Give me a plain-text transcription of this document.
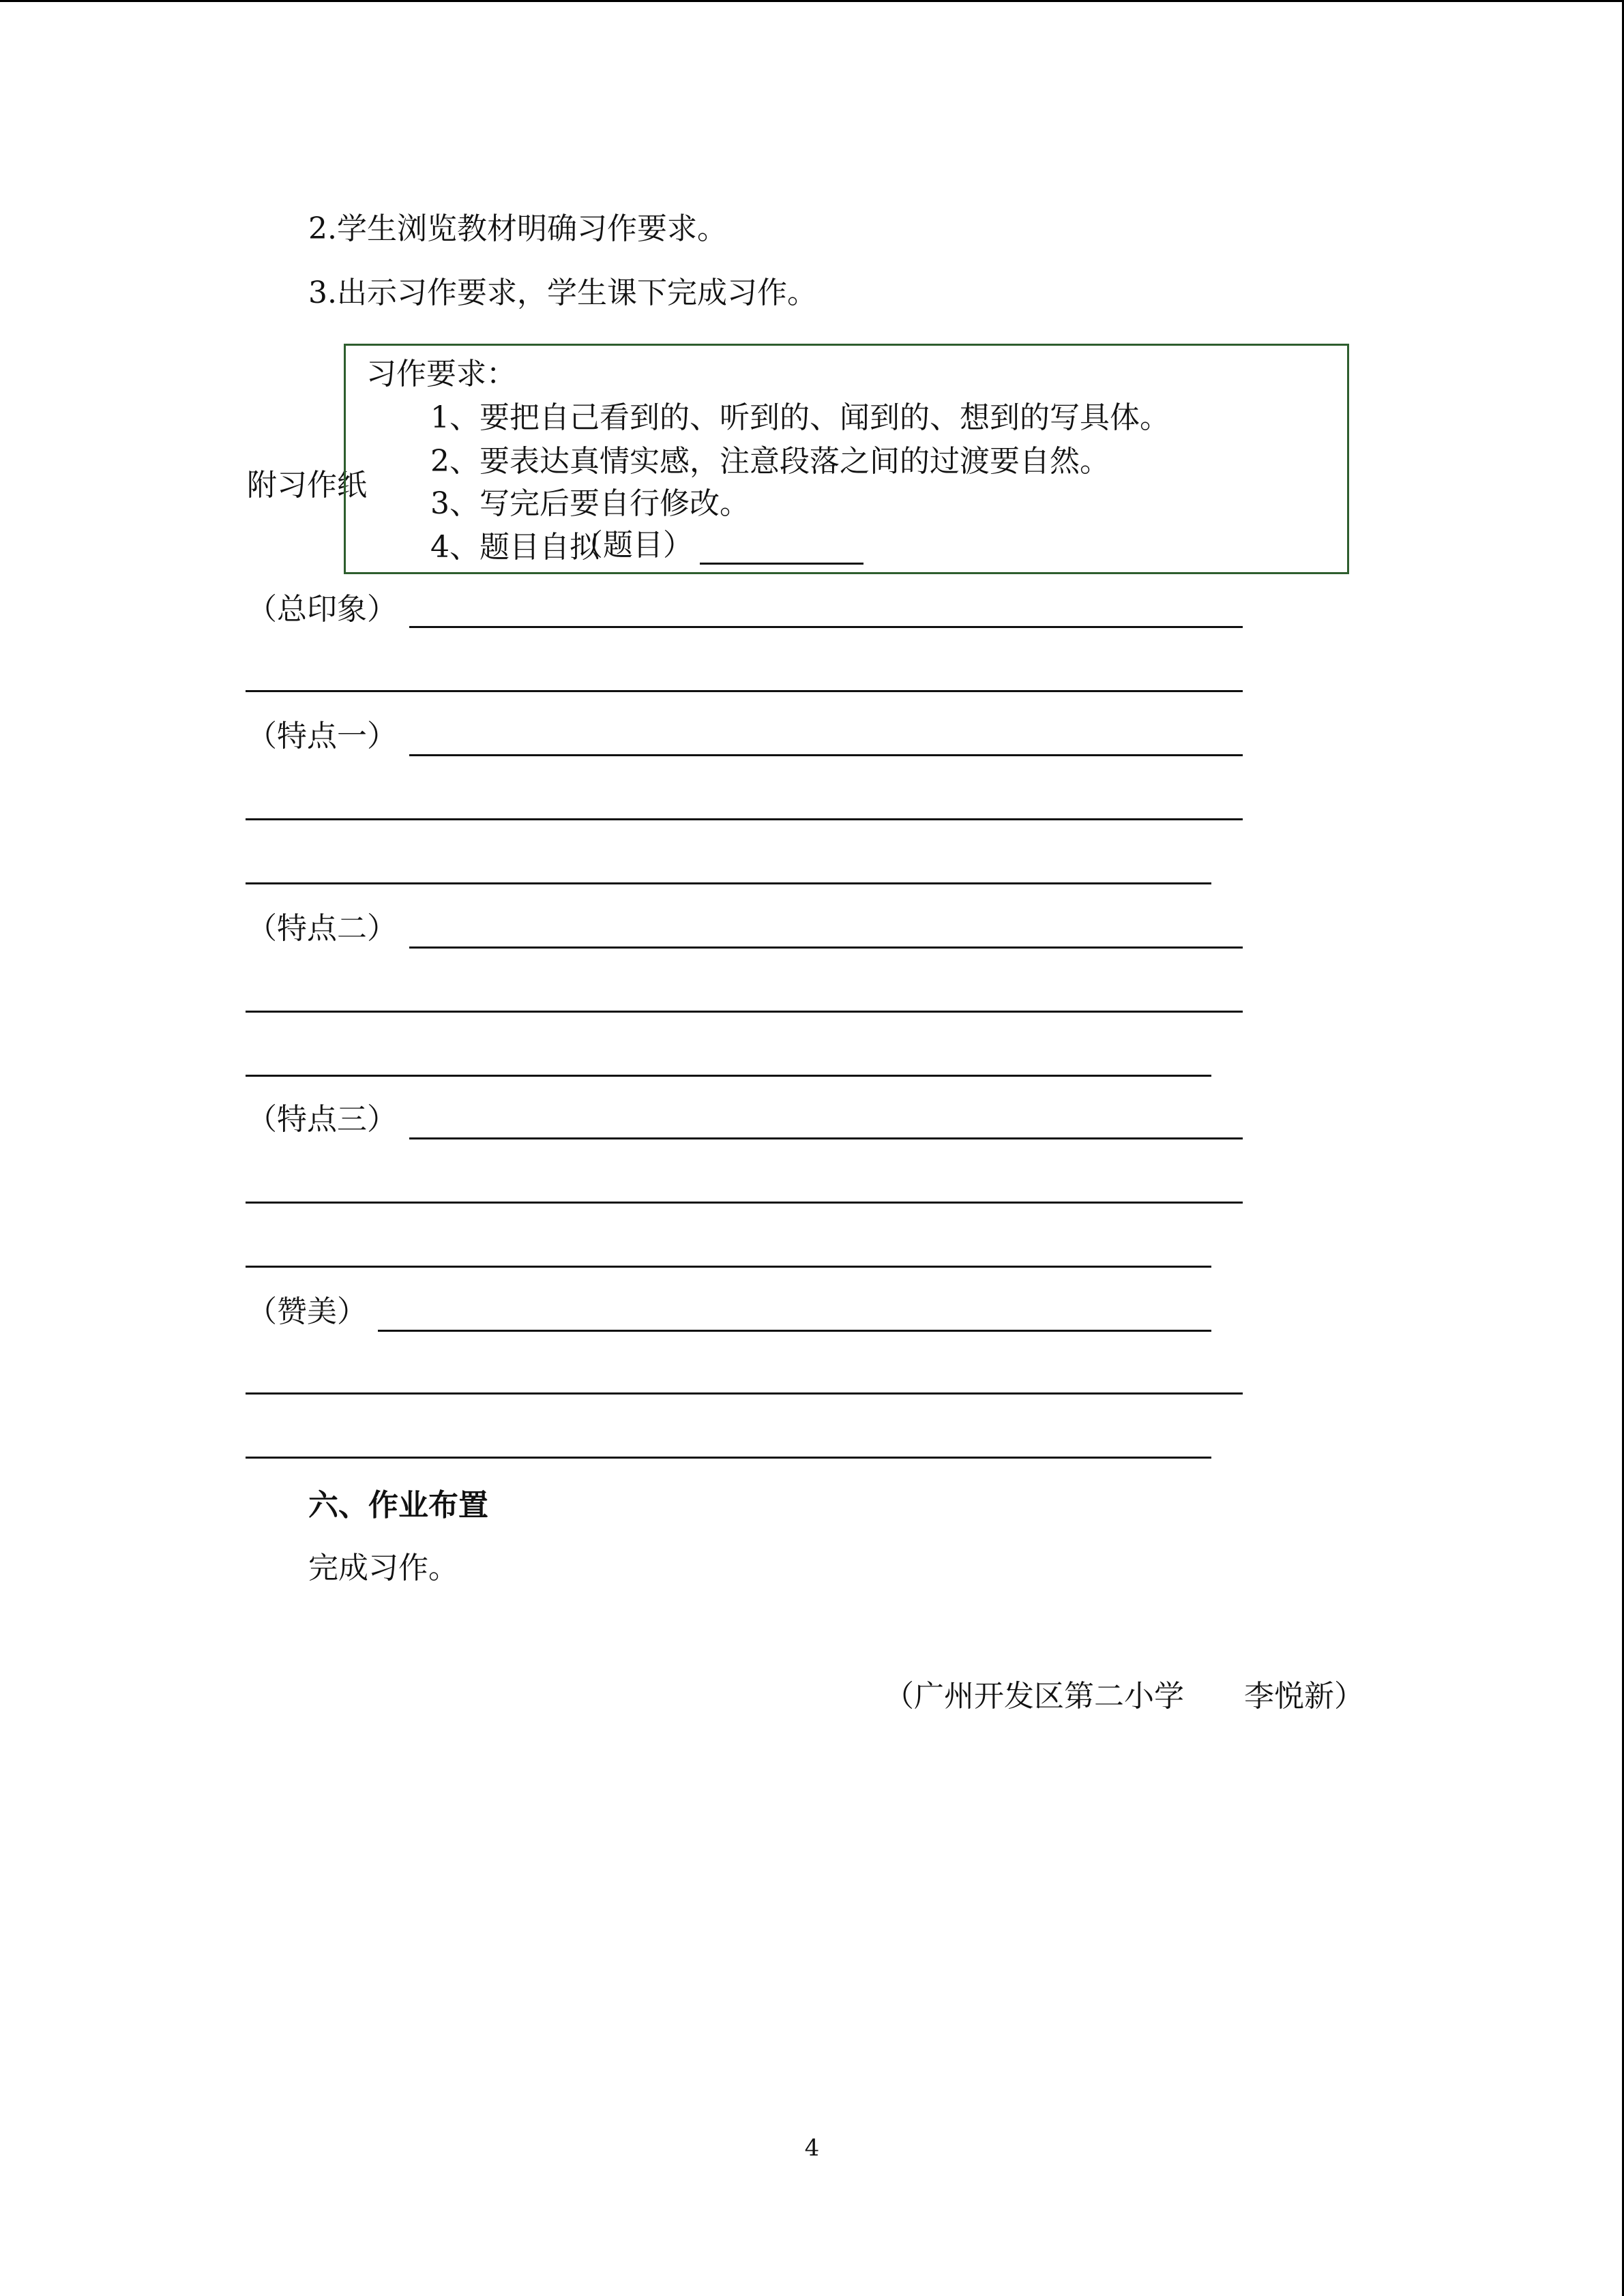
2.学生浏览教材明确习作要求。
3.出示习作要求，学生课下完成习作。
附习作纸
习作要求：
1、要把自己看到的、听到的、闻到的、想到的写具体。
2、要表达真情实感，注意段落之间的过渡要自然。
3、写完后要自行修改。
4、题目自拟
（题目）
（总印象）
（特点一）
（特点二）
（特点三）
（赞美）
六、作业布置
完成习作。
（广州开发区第二小学　　李悦新）
4
